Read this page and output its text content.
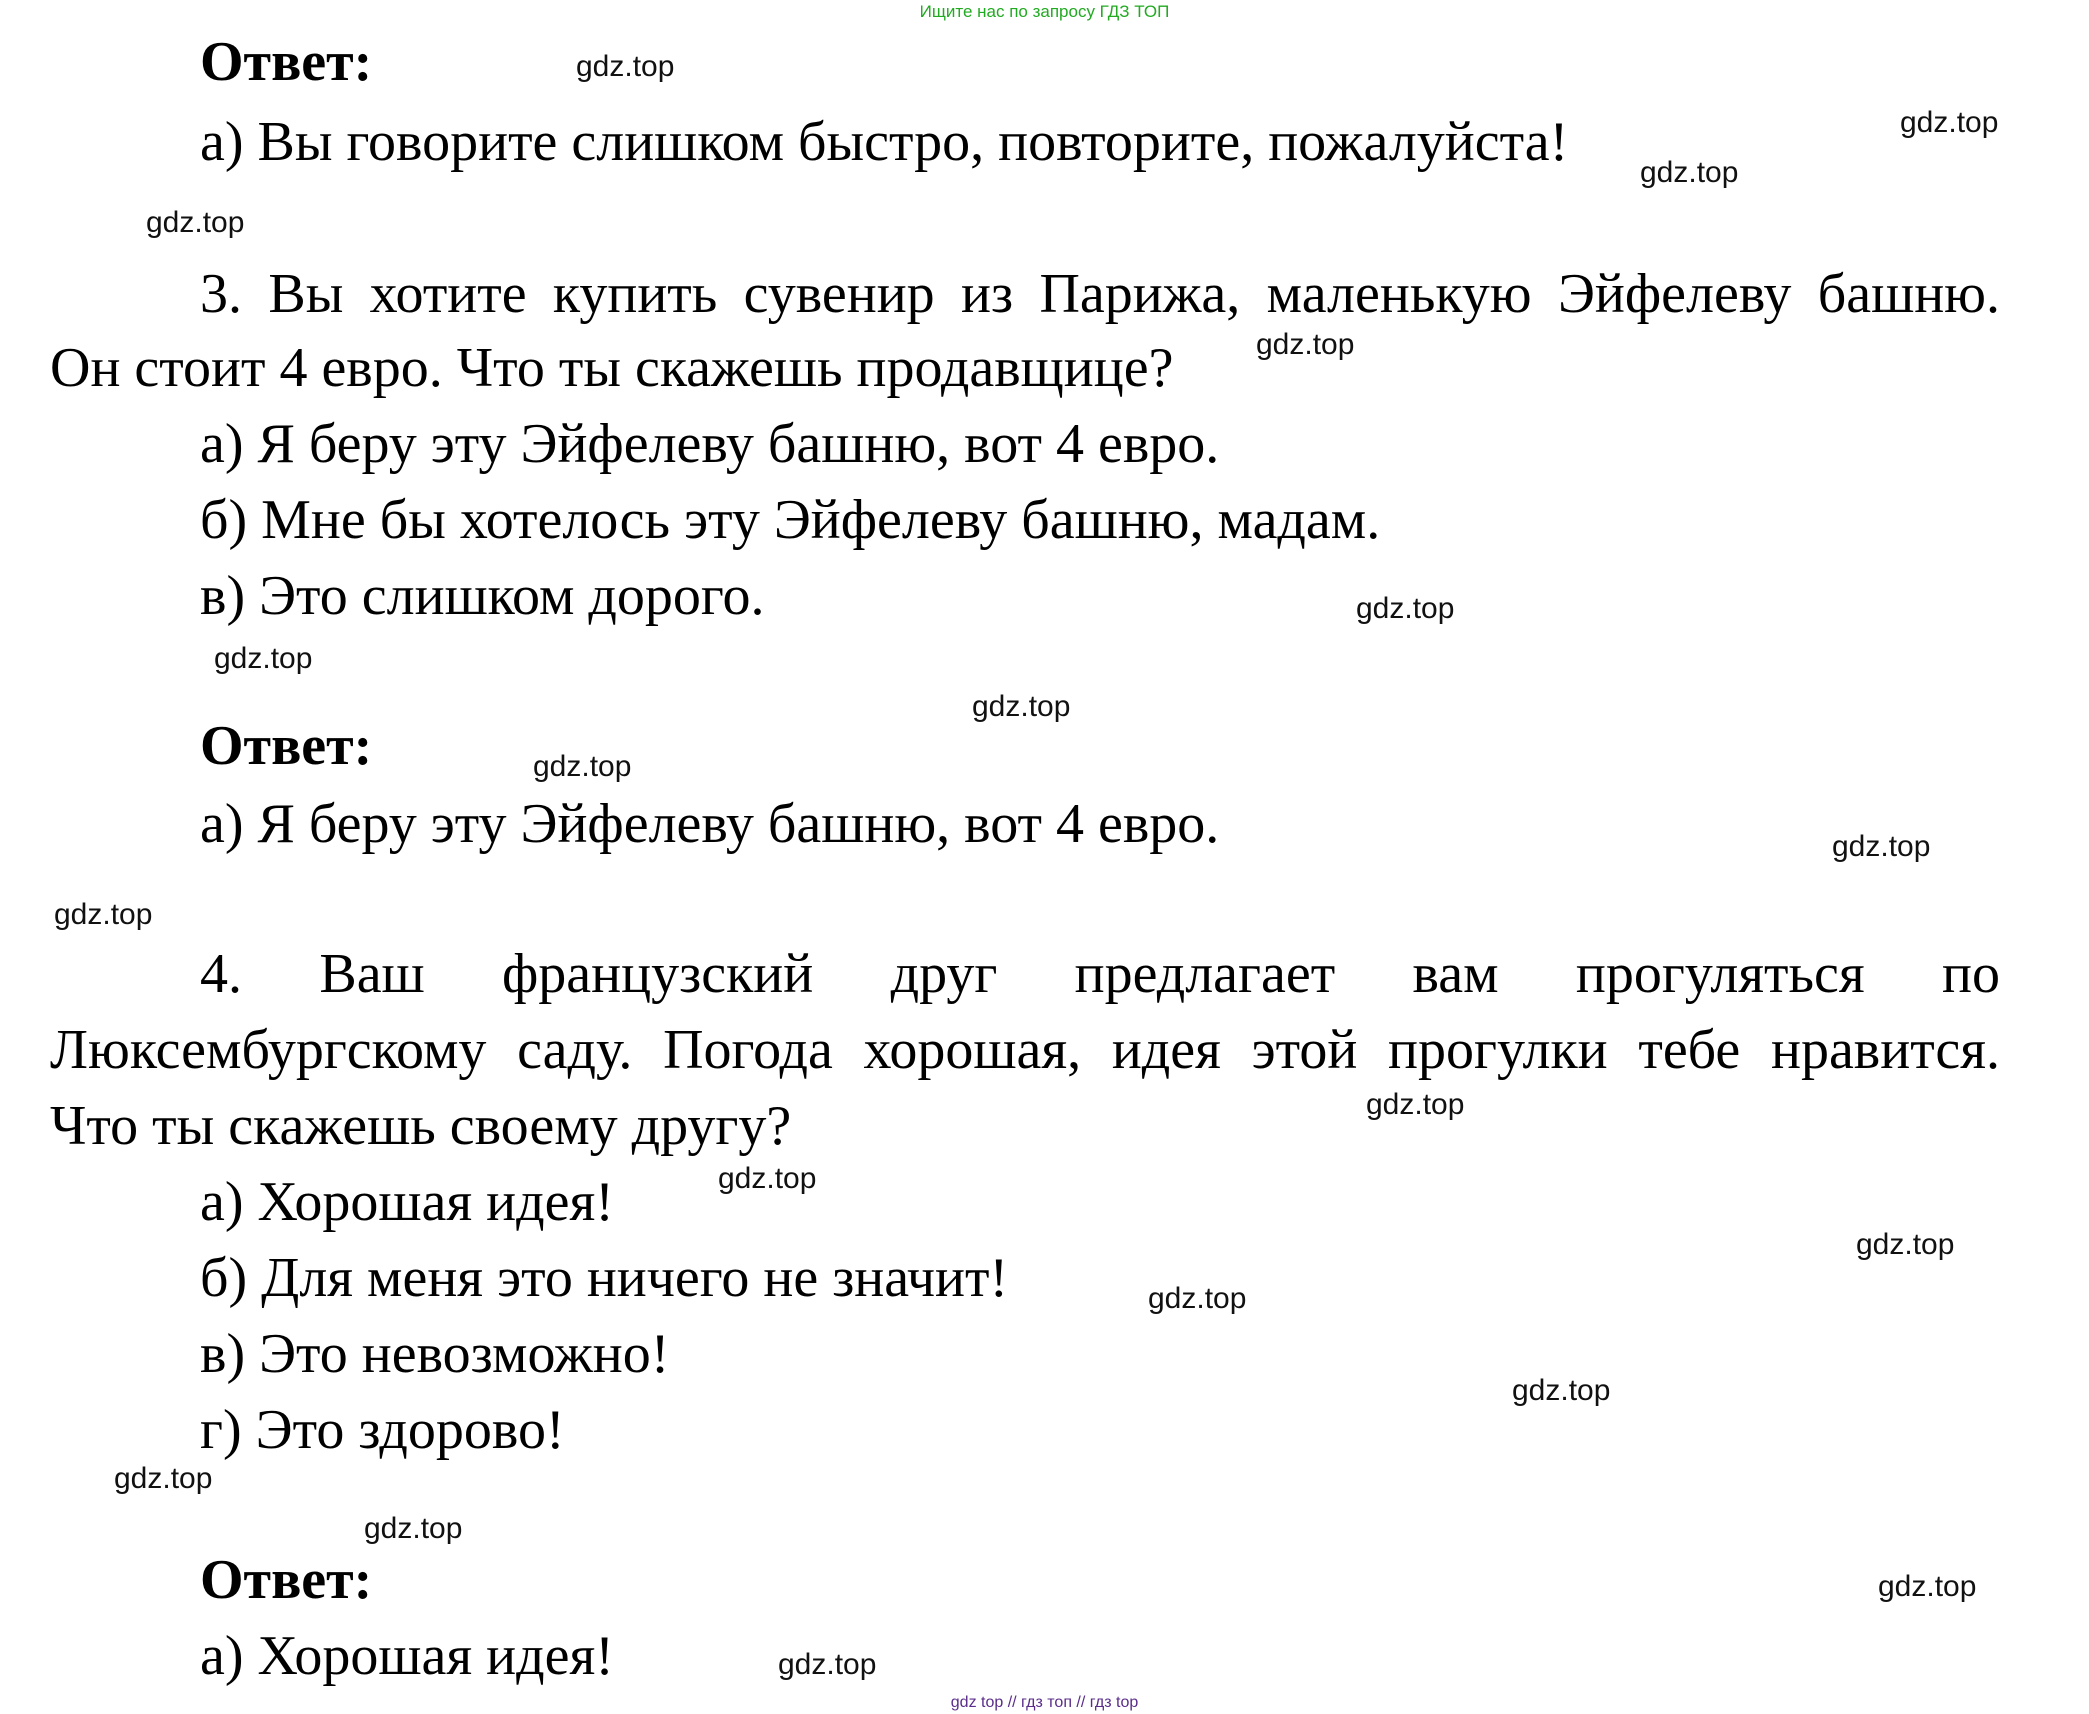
Ищите нас по запросу ГДЗ ТОП
Ответ:
а) Вы говорите слишком быстро, повторите, пожалуйста!
3. Вы хотите купить сувенир из Парижа, маленькую Эйфелеву башню.
Он стоит 4 евро. Что ты скажешь продавщице?
а) Я беру эту Эйфелеву башню, вот 4 евро.
б) Мне бы хотелось эту Эйфелеву башню, мадам.
в) Это слишком дорого.
Ответ:
а) Я беру эту Эйфелеву башню, вот 4 евро.
4. Ваш французский друг предлагает вам прогуляться по
Люксембургскому саду. Погода хорошая, идея этой прогулки тебе нравится.
Что ты скажешь своему другу?
а) Хорошая идея!
б) Для меня это ничего не значит!
в) Это невозможно!
г) Это здорово!
Ответ:
а) Хорошая идея!
gdz.top
gdz.top
gdz.top
gdz.top
gdz.top
gdz.top
gdz.top
gdz.top
gdz.top
gdz.top
gdz.top
gdz.top
gdz.top
gdz.top
gdz.top
gdz.top
gdz.top
gdz.top
gdz.top
gdz.top
gdz top // гдз топ // гдз top
